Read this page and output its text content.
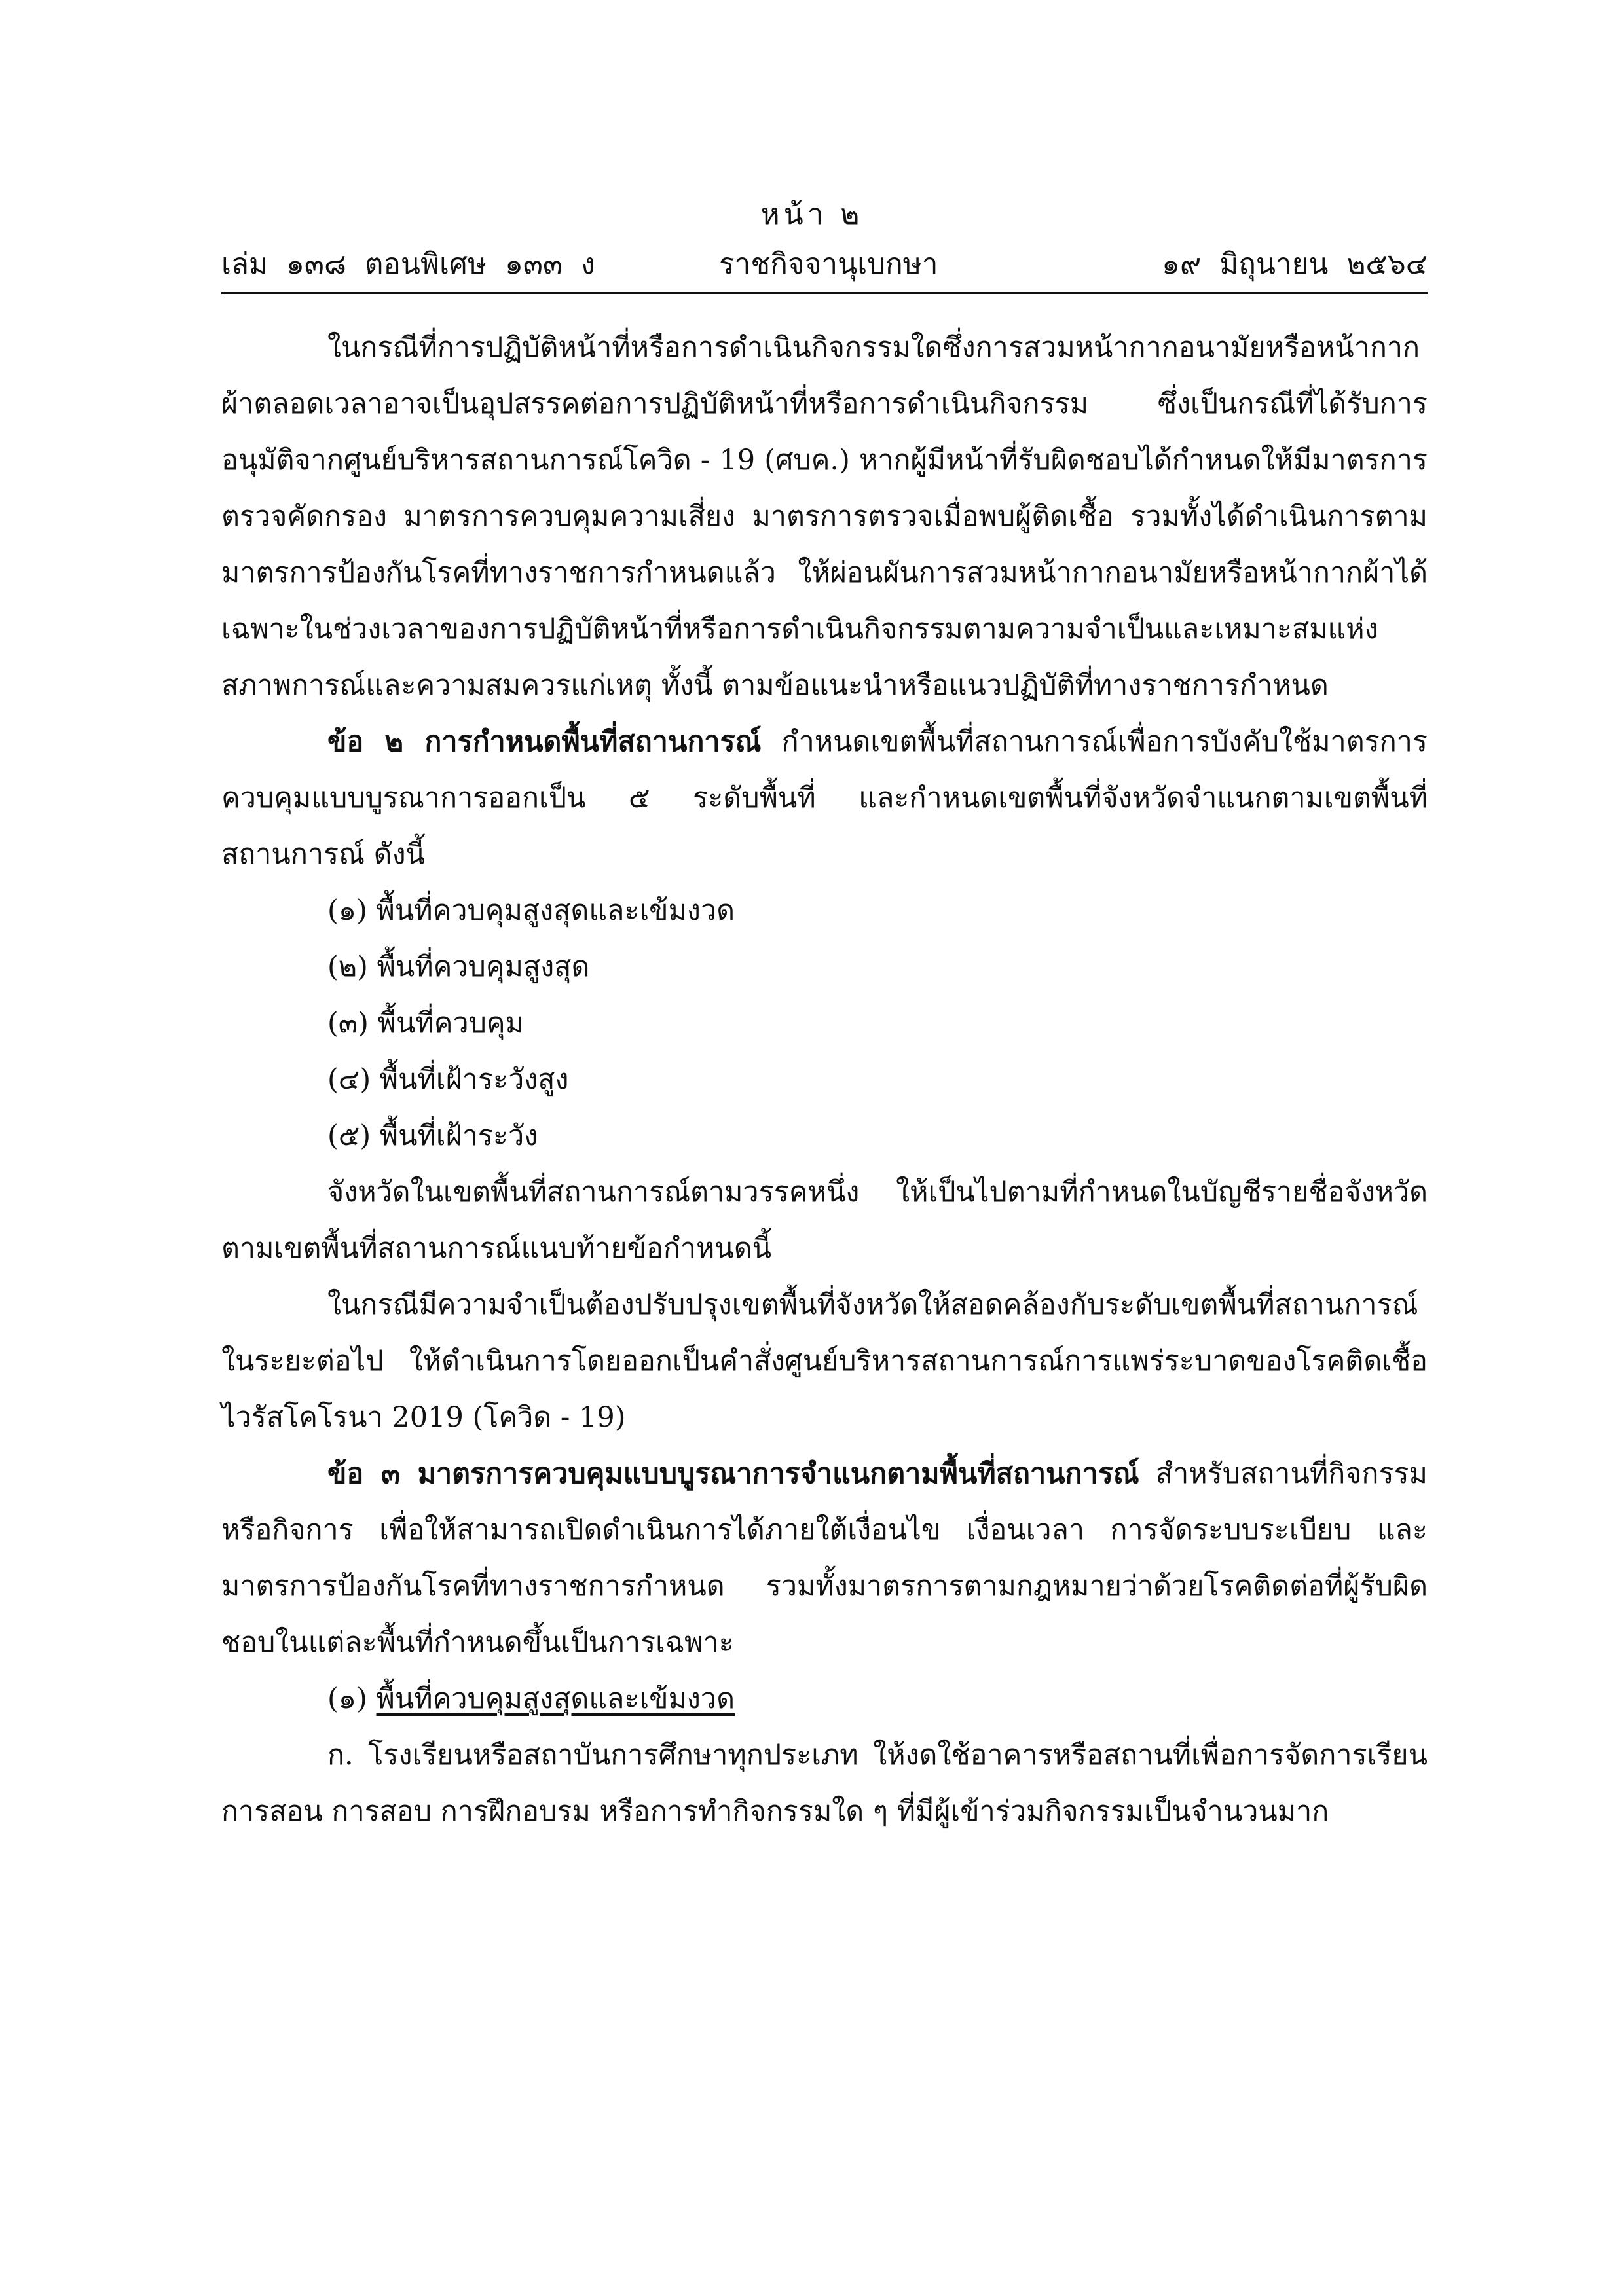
หน้า ๒
เล่ม ๑๓๘ ตอนพิเศษ ๑๓๓ ง	ราชกิจจานุเบกษา	๑๙ มิถุนายน ๒๕๖๔

ในกรณีที่การปฏิบัติหน้าที่หรือการดำเนินกิจกรรมใดซึ่งการสวมหน้ากากอนามัยหรือหน้ากากผ้าตลอดเวลาอาจเป็นอุปสรรคต่อการปฏิบัติหน้าที่หรือการดำเนินกิจกรรม ซึ่งเป็นกรณีที่ได้รับการอนุมัติจากศูนย์บริหารสถานการณ์โควิด - 19 (ศบค.) หากผู้มีหน้าที่รับผิดชอบได้กำหนดให้มีมาตรการตรวจคัดกรอง มาตรการควบคุมความเสี่ยง มาตรการตรวจเมื่อพบผู้ติดเชื้อ รวมทั้งได้ดำเนินการตามมาตรการป้องกันโรคที่ทางราชการกำหนดแล้ว ให้ผ่อนผันการสวมหน้ากากอนามัยหรือหน้ากากผ้าได้เฉพาะในช่วงเวลาของการปฏิบัติหน้าที่หรือการดำเนินกิจกรรมตามความจำเป็นและเหมาะสมแห่งสภาพการณ์และความสมควรแก่เหตุ ทั้งนี้ ตามข้อแนะนำหรือแนวปฏิบัติที่ทางราชการกำหนด

ข้อ ๒ การกำหนดพื้นที่สถานการณ์ กำหนดเขตพื้นที่สถานการณ์เพื่อการบังคับใช้มาตรการควบคุมแบบบูรณาการออกเป็น ๕ ระดับพื้นที่ และกำหนดเขตพื้นที่จังหวัดจำแนกตามเขตพื้นที่สถานการณ์ ดังนี้

(๑) พื้นที่ควบคุมสูงสุดและเข้มงวด

(๒) พื้นที่ควบคุมสูงสุด

(๓) พื้นที่ควบคุม

(๔) พื้นที่เฝ้าระวังสูง

(๕) พื้นที่เฝ้าระวัง

จังหวัดในเขตพื้นที่สถานการณ์ตามวรรคหนึ่ง ให้เป็นไปตามที่กำหนดในบัญชีรายชื่อจังหวัดตามเขตพื้นที่สถานการณ์แนบท้ายข้อกำหนดนี้

ในกรณีมีความจำเป็นต้องปรับปรุงเขตพื้นที่จังหวัดให้สอดคล้องกับระดับเขตพื้นที่สถานการณ์ในระยะต่อไป ให้ดำเนินการโดยออกเป็นคำสั่งศูนย์บริหารสถานการณ์การแพร่ระบาดของโรคติดเชื้อไวรัสโคโรนา 2019 (โควิด - 19)

ข้อ ๓ มาตรการควบคุมแบบบูรณาการจำแนกตามพื้นที่สถานการณ์ สำหรับสถานที่กิจกรรม หรือกิจการ เพื่อให้สามารถเปิดดำเนินการได้ภายใต้เงื่อนไข เงื่อนเวลา การจัดระบบระเบียบ และมาตรการป้องกันโรคที่ทางราชการกำหนด รวมทั้งมาตรการตามกฎหมายว่าด้วยโรคติดต่อที่ผู้รับผิดชอบในแต่ละพื้นที่กำหนดขึ้นเป็นการเฉพาะ

(๑) พื้นที่ควบคุมสูงสุดและเข้มงวด

ก. โรงเรียนหรือสถาบันการศึกษาทุกประเภท ให้งดใช้อาคารหรือสถานที่เพื่อการจัดการเรียนการสอน การสอบ การฝึกอบรม หรือการทำกิจกรรมใด ๆ ที่มีผู้เข้าร่วมกิจกรรมเป็นจำนวนมาก
